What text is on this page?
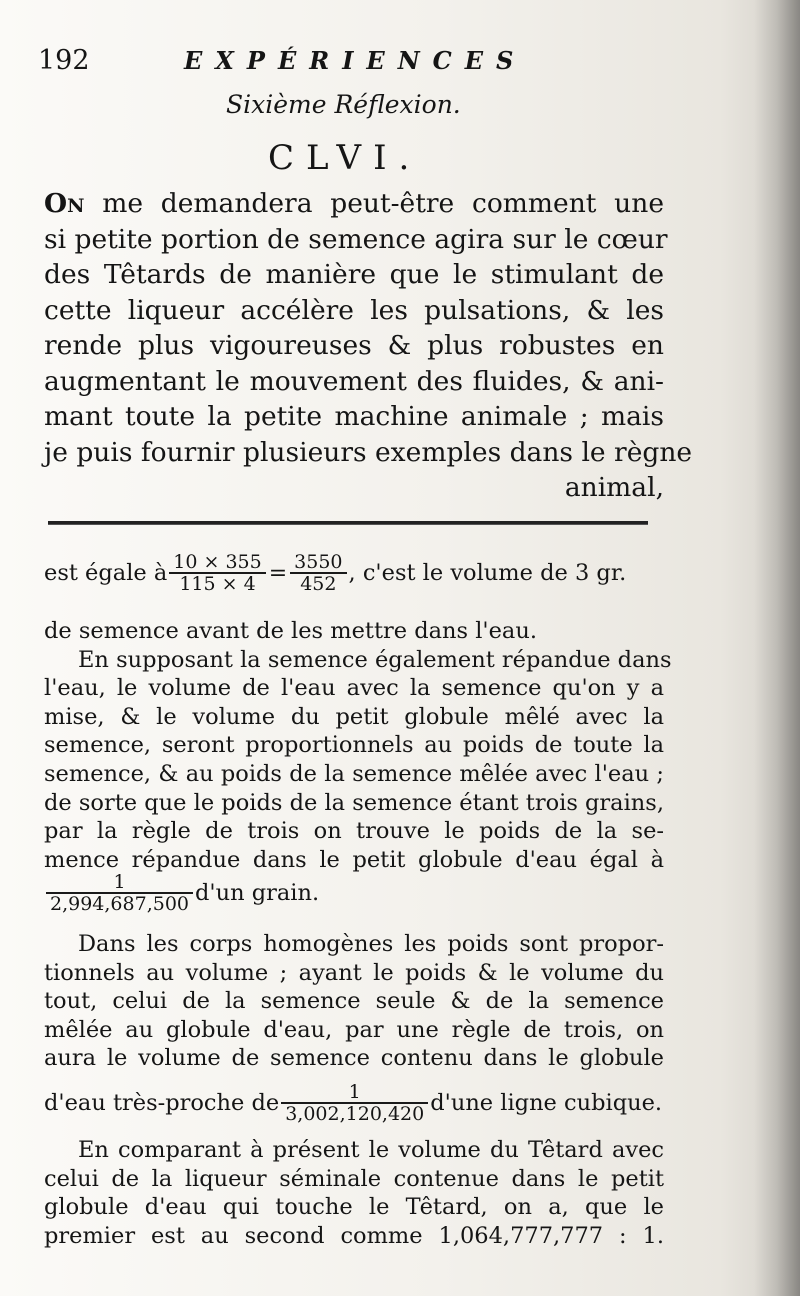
192	EXPÉRIENCES
Sixième Réflexion.
CLVI.
On me demandera peut-être comment une
si petite portion de semence agira sur le cœur
des Têtards de manière que le stimulant de
cette liqueur accélère les pulsations, & les
rende plus vigoureuses & plus robustes en
augmentant le mouvement des fluides, & ani-
mant toute la petite machine animale ; mais
je puis fournir plusieurs exemples dans le règne
animal,
est égale à $\frac{10 \times 355}{115 \times 4} = \frac{3550}{452}$ , c'est le volume de 3 gr.
de semence avant de les mettre dans l'eau.
En supposant la semence également répandue dans
l'eau, le volume de l'eau avec la semence qu'on y a
mise, & le volume du petit globule mêlé avec la
semence, seront proportionnels au poids de toute la
semence, & au poids de la semence mêlée avec l'eau ;
de sorte que le poids de la semence étant trois grains,
par la règle de trois on trouve le poids de la se-
mence répandue dans le petit globule d'eau égal à
$\frac{1}{2,994,687,500} d'un$ grain.
Dans les corps homogènes les poids sont propor-
tionnels au volume ; ayant le poids & le volume du
tout, celui de la semence seule & de la semence
mêlée au globule d'eau, par une règle de trois, on
aura le volume de semence contenu dans le globule
d'eau très-proche de $\frac{1}{3,002,120,420} d'une$ ligne cubique.
En comparant à présent le volume du Têtard avec
celui de la liqueur séminale contenue dans le petit
globule d'eau qui touche le Têtard, on a, que le
premier est au second comme 1,064,777,777 : 1.
